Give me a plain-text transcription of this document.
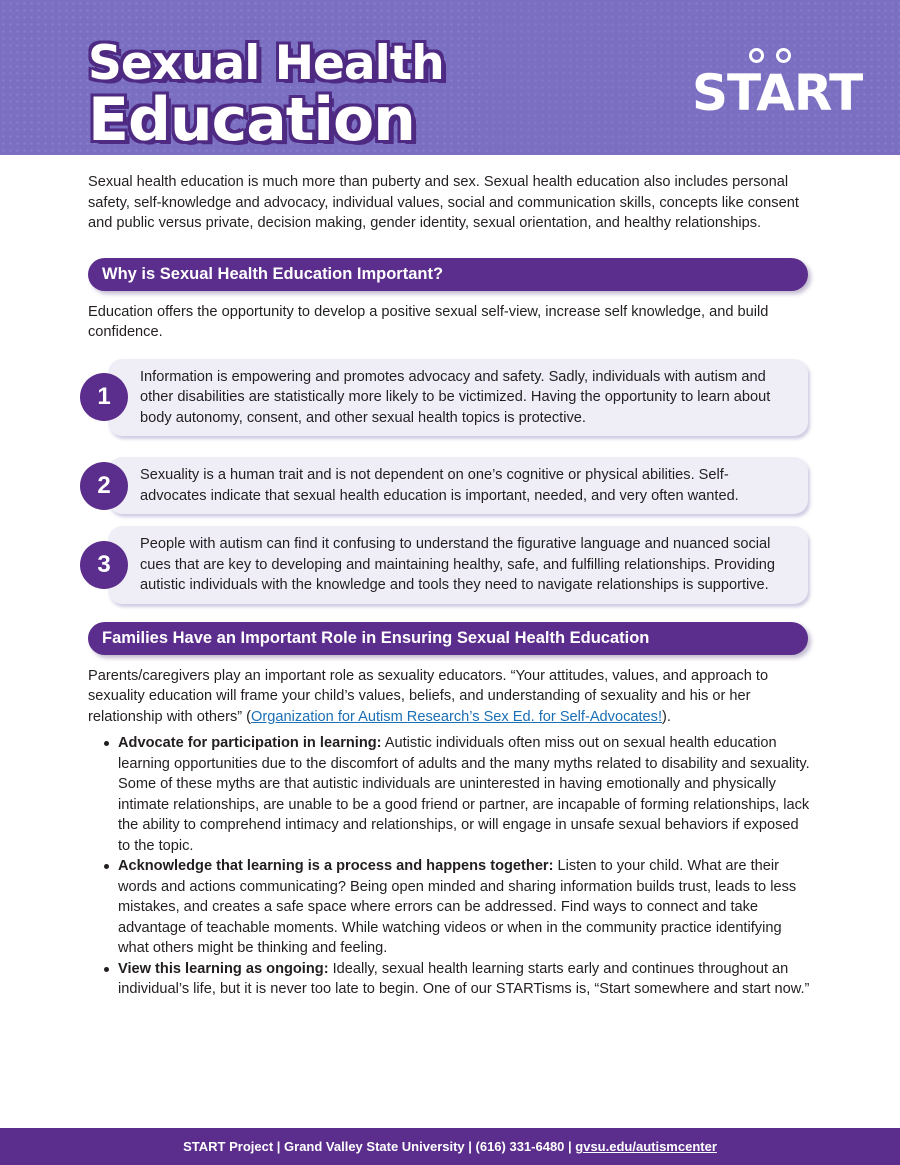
Sexual Health
Education	START

Sexual health education is much more than puberty and sex. Sexual health education also includes personal safety, self-knowledge and advocacy, individual values, social and communication skills, concepts like consent and public versus private, decision making, gender identity, sexual orientation, and healthy relationships.

Why is Sexual Health Education Important?

Education offers the opportunity to develop a positive sexual self-view, increase self knowledge, and build confidence.

Information is empowering and promotes advocacy and safety. Sadly, individuals with autism and other disabilities are statistically more likely to be victimized. Having the opportunity to learn about body autonomy, consent, and other sexual health topics is protective.
1
Sexuality is a human trait and is not dependent on one’s cognitive or physical abilities. Self-advocates indicate that sexual health education is important, needed, and very often wanted.
2
People with autism can find it confusing to understand the figurative language and nuanced social cues that are key to developing and maintaining healthy, safe, and fulfilling relationships. Providing autistic individuals with the knowledge and tools they need to navigate relationships is supportive.
3
Families Have an Important Role in Ensuring Sexual Health Education

Parents/caregivers play an important role as sexuality educators. “Your attitudes, values, and approach to sexuality education will frame your child’s values, beliefs, and understanding of sexuality and his or her relationship with others” (Organization for Autism Research’s Sex Ed. for Self-Advocates!).

Advocate for participation in learning: Autistic individuals often miss out on sexual health education learning opportunities due to the discomfort of adults and the many myths related to disability and sexuality. Some of these myths are that autistic individuals are uninterested in having emotionally and physically intimate relationships, are unable to be a good friend or partner, are incapable of forming relationships, lack the ability to comprehend intimacy and relationships, or will engage in unsafe sexual behaviors if exposed to the topic.
Acknowledge that learning is a process and happens together: Listen to your child. What are their words and actions communicating? Being open minded and sharing information builds trust, leads to less mistakes, and creates a safe space where errors can be addressed. Find ways to connect and take advantage of teachable moments. While watching videos or when in the community practice identifying what others might be thinking and feeling.
View this learning as ongoing: Ideally, sexual health learning starts early and continues throughout an individual’s life, but it is never too late to begin. One of our STARTisms is, “Start somewhere and start now.”
START Project | Grand Valley State University | (616) 331-6480 | gvsu.edu/autismcenter
